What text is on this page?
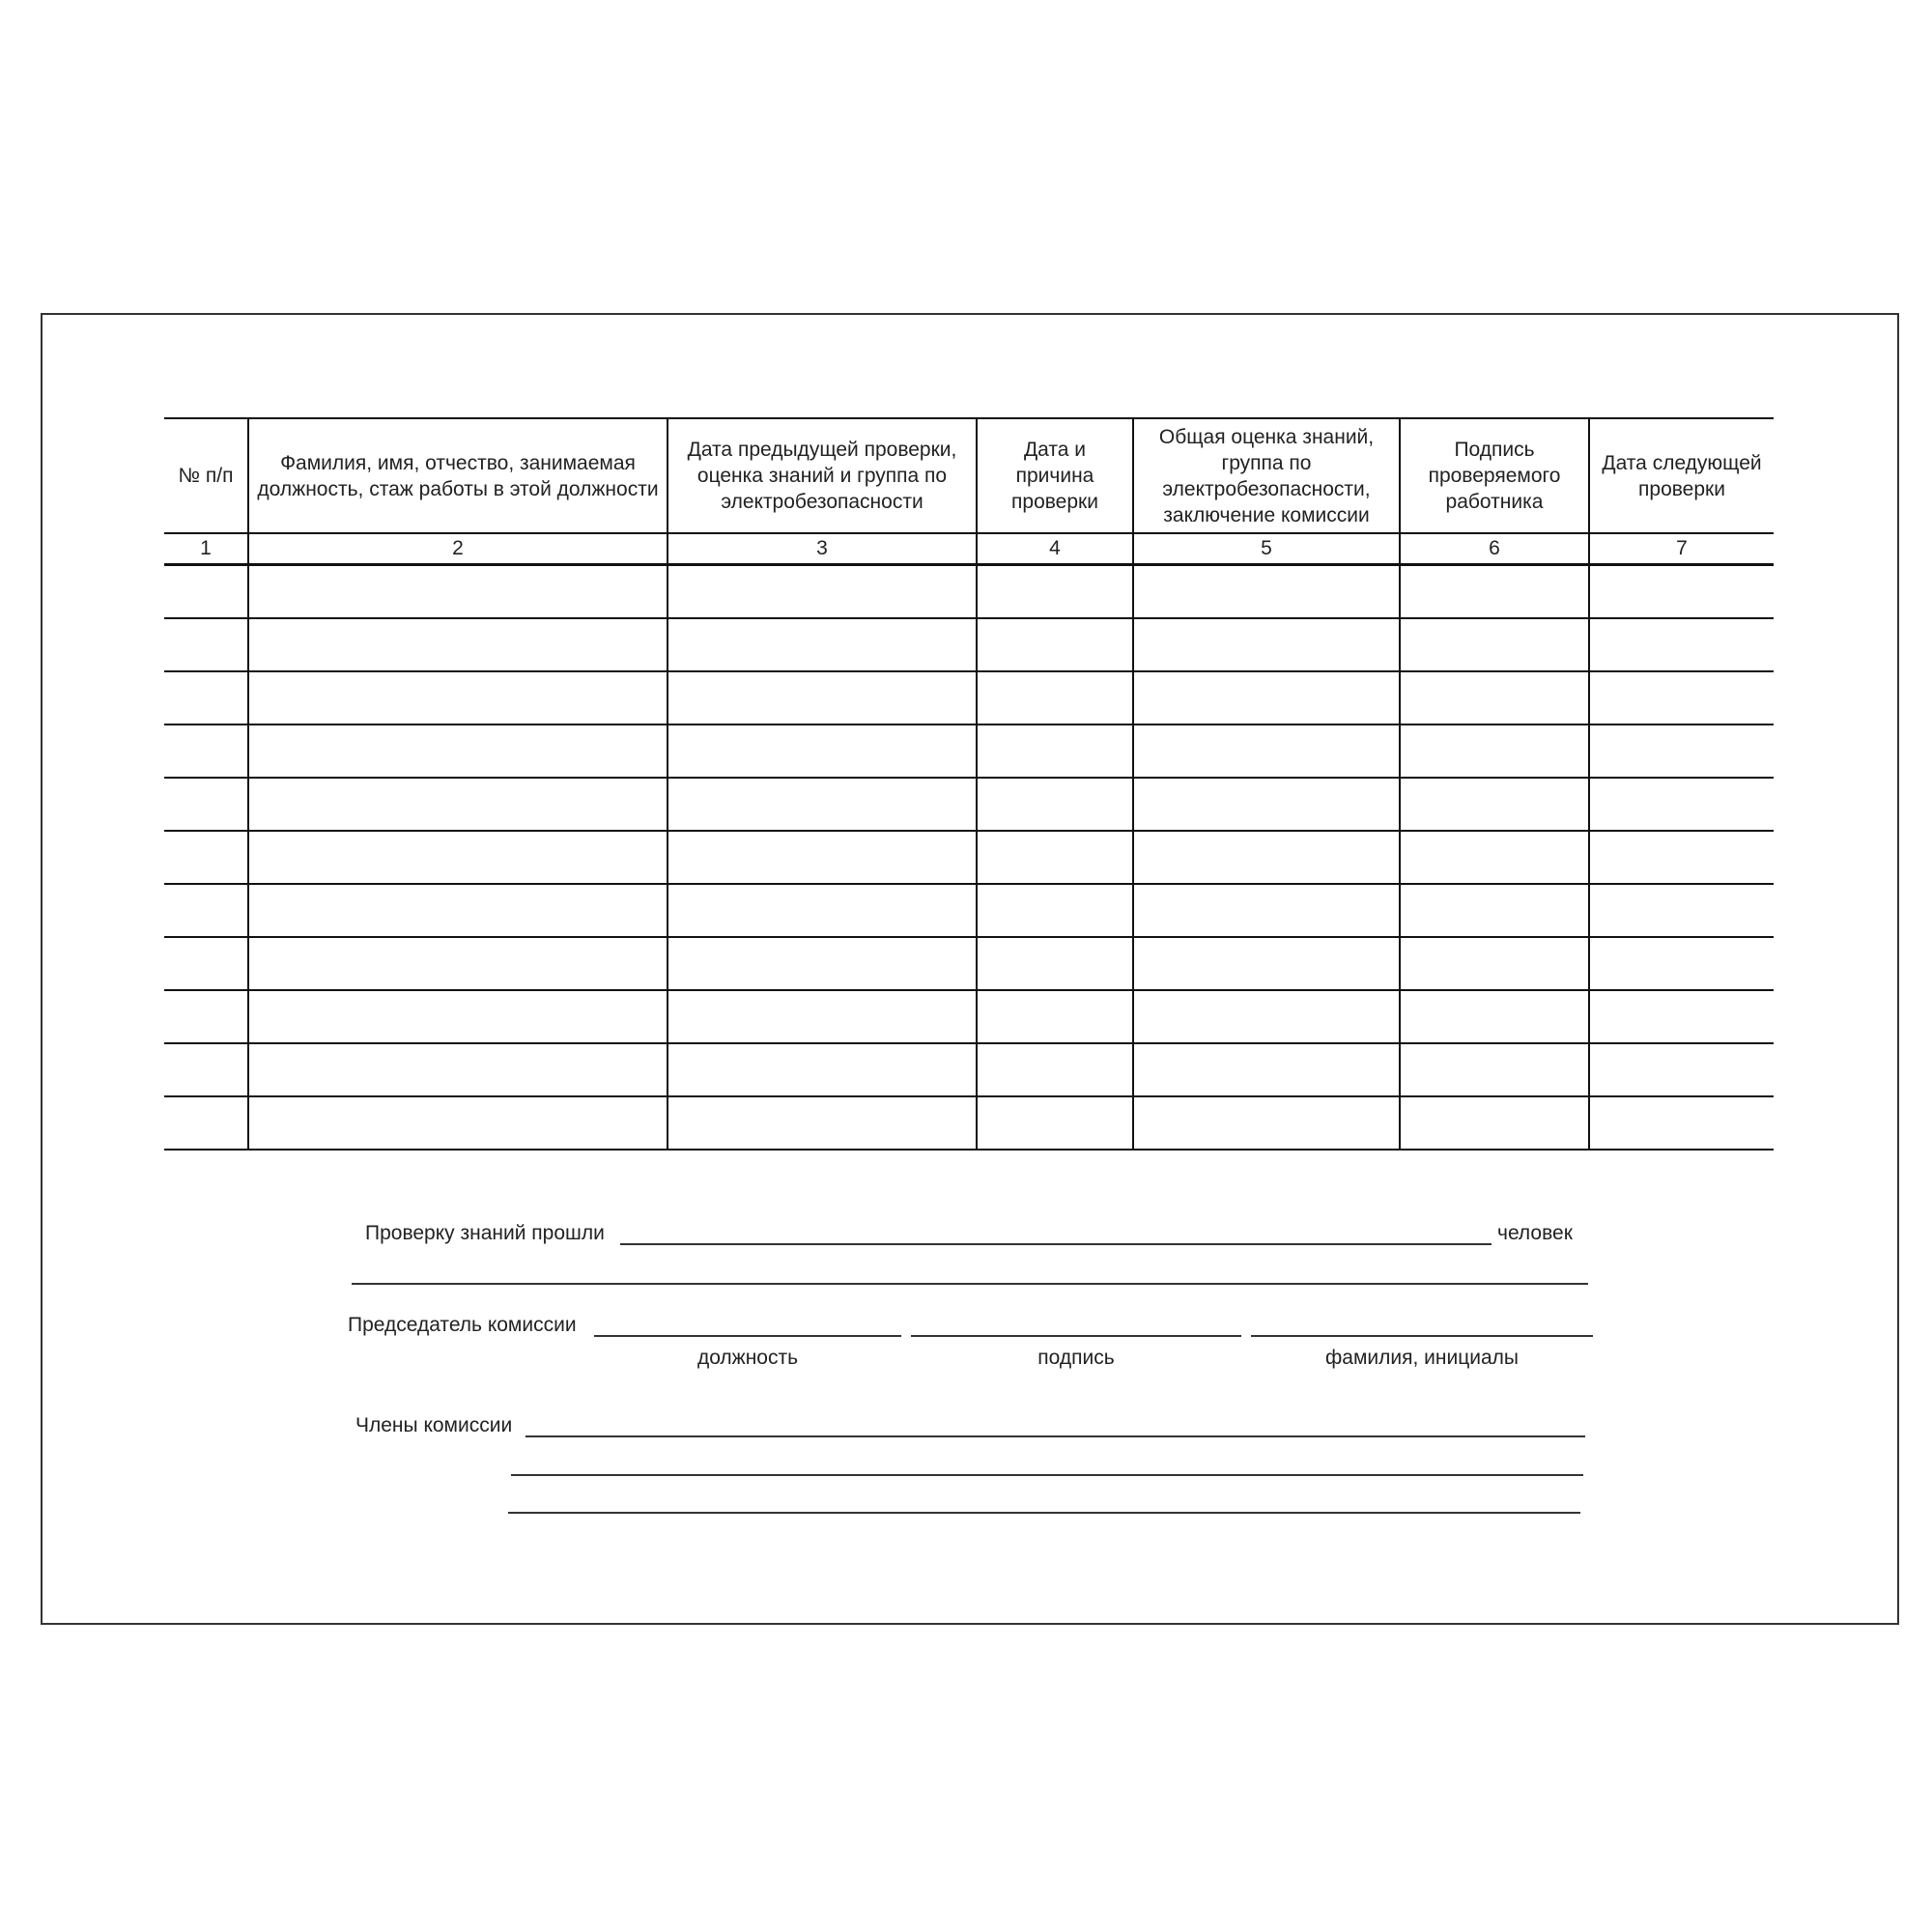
№ п/п	Фамилия, имя, отчество, занимаемая должность, стаж работы в этой должности	Дата предыдущей проверки, оценка знаний и группа по электробезопасности	Дата и причина проверки	Общая оценка знаний, группа по электробезопасности, заключение комиссии	Подпись проверяемого работника	Дата следующей проверки
1	2	3	4	5	6	7

Проверку знаний прошли	человек
Председатель комиссии
должность	подпись	фамилия, инициалы
Члены комиссии
